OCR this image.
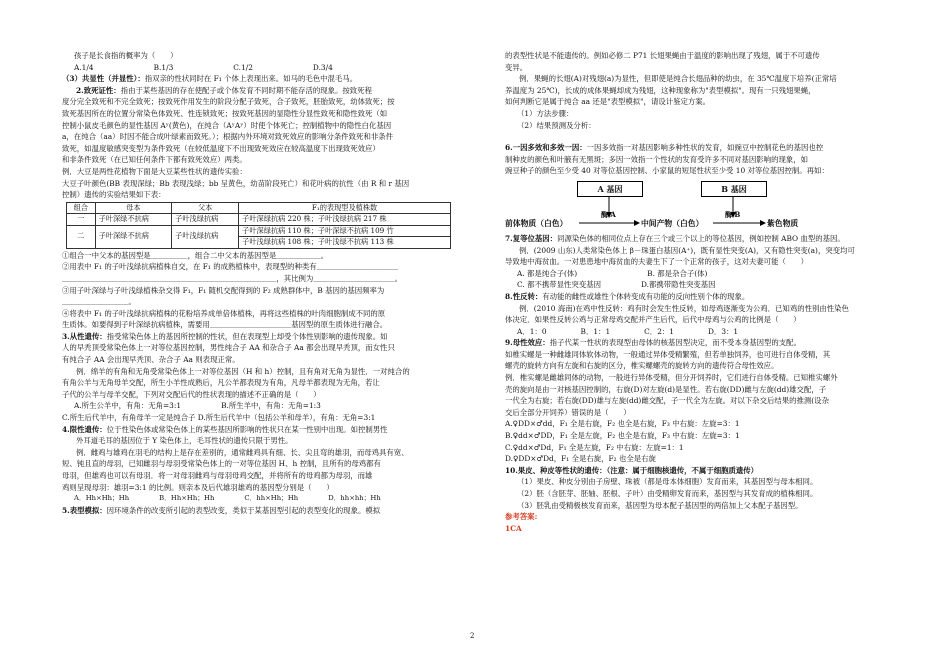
孩子是长食指的概率为（　　）

A.1/4	B.1/3	C.1/2	D.3/4

（3）共显性（并显性）：指双亲的性状同时在 F₁ 个体上表现出来。如马的毛色中混毛马。

2.致死证性：指由于某些基因的存在使配子或个体发育不同时期不能存活的现象。按致死程

度分完全致死和不完全致死；按致死作用发生的阶段分配子致死，合子致死，胚胎致死，幼体致死；按

致死基因所在的位置分常染色体致死、性连锁致死；按致死基因的显隐性分显性致死和隐性致死（如

控制小鼠皮毛颜色的显性基因 Aʸ(黄色)，在纯合（AʸAʸ）时使个体死亡；控制植物中的隐性白化基因

a，在纯合（aa）时因不能合成叶绿素而致死。）；根据内外环境对致死效应的影响分条件致死和非条件

致死，如温度敏感突变型为条件致死（在较低温度下不出现致死效应在较高温度下出现致死效应）

和非条件致死（在已知任何条件下都有致死效应）两类。

例．大豆是两性花植物下面是大豆某些性状的遗传实验：

大豆子叶颜色(BB 表现深绿；Bb 表现浅绿；bb 呈黄色，幼苗阶段死亡）和花叶病的抗性（由 R 和 r 基因

控制）遗传的实验结果如下表：

组合	母本	父本	F₁的表现型及植株数
一	子叶深绿不抗病	子叶浅绿抗病	子叶深绿抗病 220 株；子叶浅绿抗病 217 株
二	子叶深绿不抗病	子叶浅绿抗病	子叶深绿抗病 110 株；子叶深绿不抗病 109 竹
			子叶浅绿抗病 108 株；子叶浅绿不抗病 113 株

①组合一中父本的基因型是＿＿＿＿＿，组合二中父本的基因型是＿＿＿＿＿＿。

②用表中 F₁ 的子叶浅绿抗病植株自交，在 F₁ 的成熟植株中，表现型的种类有＿＿＿＿＿＿＿＿＿＿＿

＿＿＿＿＿＿＿＿＿＿＿＿＿＿＿＿＿＿＿＿＿＿＿＿＿＿＿＿＿，其比例为＿＿＿＿＿＿＿＿＿＿＿。

③用子叶深绿与子叶浅绿植株杂交得 F₁，F₁ 随机交配得到的 F₂ 成熟群体中，B 基因的基因频率为

＿＿＿＿＿＿＿＿＿。

④将表中 F₁ 的子叶浅绿抗病植株的花粉培养成单倍体植株，再将这些植株的叶肉细胞制成不同的原

生质体。如要得到子叶深绿抗病植株，需要用＿＿＿＿＿＿＿＿＿＿＿基因型的原生质体进行融合。

3.从性遗传：指受常染色体上的基因所控制的性状，但在表现型上却受个体性别影响的遗传现象。如

人的早秃顶受常染色体上一对等位基因控制，男性纯合子 AA 和杂合子 Aa 都会出现早秃顶，而女性只

有纯合子 AA 会出现早秃顶、杂合子 Aa 则表现正常。

例．绵羊的有角和无角受常染色体上一对等位基因（H 和 h）控制，且有角对无角为显性．一对纯合的

有角公羊与无角母羊交配，所生小羊性成熟后，凡公羊都表现为有角，凡母羊都表现为无角，若让

子代的公羊与母羊交配，下列对交配后代的性状表现的描述不正确的是（　　）

A.所生公羊中，有角：无角=3:1	B.所生羊中，有角：无角=1:3

C.所生后代羊中，有角母羊一定是纯合子 D.所生后代羊中（包括公羊和母羊），有角：无角=3:1

4.限性遗传：位于性染色体或常染色体上的某些基因所影响的性状只在某一性别中出现。如控制男性

外耳道毛耳的基因位于 Y 染色体上，毛耳性状的遗传只限于男性。

例．雌鸡与雄鸡在羽毛的结构上是存在差别的，通常雌鸡具有细、长、尖且弯的雄羽，而母鸡具有宽、

短、钝且直的母羽，已知雌羽与母羽受常染色体上的一对等位基因 H、h 控制，且所有的母鸡都有

母羽，但雄鸡也可以有母羽．将一对母羽雌鸡与母羽母鸡交配，并将所有的母鸡都为母羽，而雄

鸡则呈现母羽：雄羽=3:1 的比例。则亲本及后代雄羽雄鸡的基因型分别是（　　）

A．Hh×Hh；Hh	B．Hh×Hh；Hh	C．hh×Hh；Hh	D．hh×hh；Hh

5.表型模拟：因环境条件的改变所引起的表型改变，类似于某基因型引起的表型变化的现象。模拟

的表型性状是不能遗传的。例如必修二 P71 长翅果蝇由于温度的影响出现了残翅，属于不可遗传

变异。

例．果蝇的长翅(A)对残翅(a)为显性，但即使是纯合长翅品种的幼虫，在 35℃温度下培养(正常培

养温度为 25℃)，长成的成体果蝇却成为残翅，这种现象称为"表型模拟"。现有一只残翅果蝇，

如何判断它是属于纯合 aa 还是"表型模拟"，请设计鉴定方案。

（1）方法步骤：

（2）结果预测及分析：

6.一因多效和多效一因：一因多效指一对基因影响多种性状的发育，如豌豆中控制花色的基因也控

制种皮的颜色和叶腋有无黑斑；多因一效指一个性状的发育受许多不同对基因影响的现象，如

豌豆种子的颜色至少受 40 对等位基因控制、小家鼠的短尾性状至少受 10 对等位基因控制。再如：

A 基因	B 基因
酶 A	酶 B
前体物质（白色）	中间产物（白色）	紫色物质

7.复等位基因：同源染色体的相同位点上存在三个或三个以上的等位基因，例如控制 ABO 血型的基因。

例．(2009 山东)人类常染色体上 β－珠蛋白基因(A⁺)，既有显性突变(A)，又有隐性突变(a)，突变均可

导致地中海贫血。一对患患地中海贫血的夫妻生下了一个正常的孩子，这对夫妻可能（　　）

A. 都是纯合子(体)	B. 都是杂合子(体)

C. 都不携带显性突变基因	D.都携带隐性突变基因

8.性反转：有动能的雌性或雄性个体转变成有功能的反向性别个体的现象。

例．(2010 海南)在鸡中性反转：鸡有时会发生性反转，如母鸡逐渐变为公鸡．已知鸡的性别由性染色

体决定．如果性反转公鸡与正常母鸡交配并产生后代，后代中母鸡与公鸡的比例是（　　）

A．1：0	B．1：1	C．2：1	D．3：1

9.母性效应：指子代某一性状的表现型由母体的核基因型决定，而不受本身基因型的支配。

如椎实螺是一种雌雄同体软体动物，一般通过异体受精繁殖，但若单独饲养，也可进行自体受精，其

螺壳的旋转方向有左旋和右旋的区分，椎实螺螺壳的旋转方向的遗传符合母性效应。

例．椎实螺是雌雄同体的动物，一般进行异体受精，但分开饲养时，它们进行自体受精。已知椎实螺外

壳的旋向是由一对核基因控制的，右旋(D)对左旋(d)是显性。若右旋(DD)雌与左旋(dd)雄交配，子

一代全为右旋；若右旋(DD)雄与左旋(dd)雌交配，子一代全为左旋。对以下杂交后结果的推测(设杂

交后全部分开饲养）错误的是（　　）

A.♀DD×♂dd，F₁ 全是右旋，F₂ 也全是右旋，F₃ 中右旋：左旋=3：1

B.♀dd×♂DD，F₁ 全是左旋，F₂ 也全是右旋，F₃ 中右旋：左旋=3：1

C.♀dd×♂Dd，F₁ 全是左旋，F₂ 中右旋：左旋=1：1

D.♀DD×♂Dd，F₁ 全是右旋，F₂ 也全是右旋

10.果皮、种皮等性状的遗传：（注意：属于细胞核遗传，不属于细胞质遗传）

（1）果皮、种皮分别由子房壁、珠被（都是母本体细胞）发育而来，其基因型与母本相同。

（2）胚（含胚芽、胚轴、胚根、子叶）由受精卵发育而来，基因型与其发育成的植株相同。

（3）胚乳由受精极核发育而来，基因型为母本配子基因型的两倍加上父本配子基因型。

参考答案:

1CA

2
